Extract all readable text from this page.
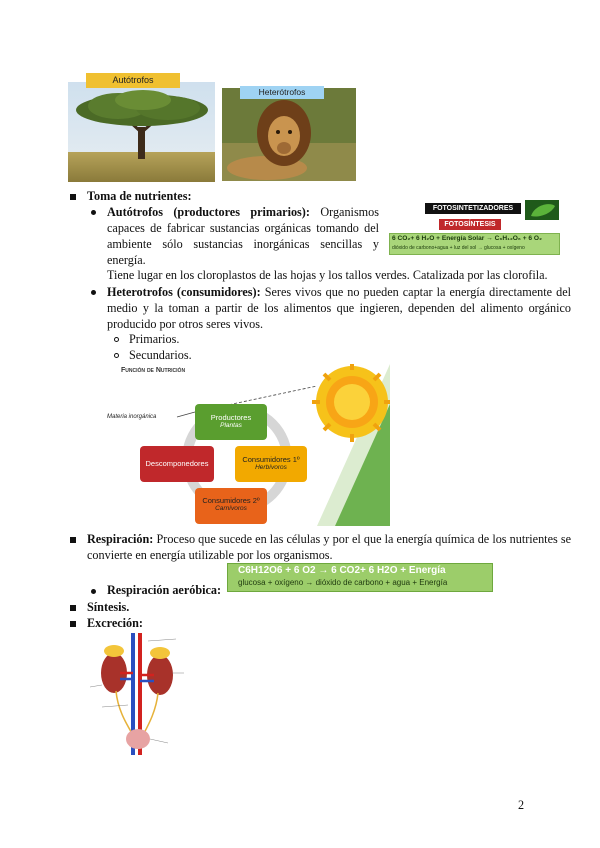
Autótrofos
Heterótrofos
Toma de nutrientes:
Autótrofos (productores primarios): Organismos capaces de fabricar sustancias orgánicas tomando del ambiente sólo sustancias inorgánicas sencillas y energía.
FOTOSINTETIZADORES
FOTOSÍNTESIS
6 CO₂+ 6 H₂O + Energía Solar → C₆H₁₂O₆ + 6 O₂
dióxido de carbono+agua + luz del sol → glucosa + oxígeno
Tiene lugar en los cloroplastos de las hojas y los tallos verdes. Catalizada por las clorofila.
Heterotrofos (consumidores): Seres vivos que no pueden captar la energía directamente del medio y la toman a partir de los alimentos que ingieren, dependen del alimento orgánico producido por otros seres vivos.
Primarios.
Secundarios.
Función de Nutrición
Materia inorgánica	Productores
Plantas
Consumidores 1º
Herbívoros
Consumidores 2º
Carnívoros
Descomponedores
Respiración: Proceso que sucede en las células y por el que la energía química de los nutrientes se convierte en energía utilizable por los organismos.
C6H12O6 + 6 O2 → 6 CO2+ 6 H2O + Energía
glucosa + oxígeno → dióxido de carbono + agua + Energía
Respiración aeróbica:
Síntesis.
Excreción:
2
